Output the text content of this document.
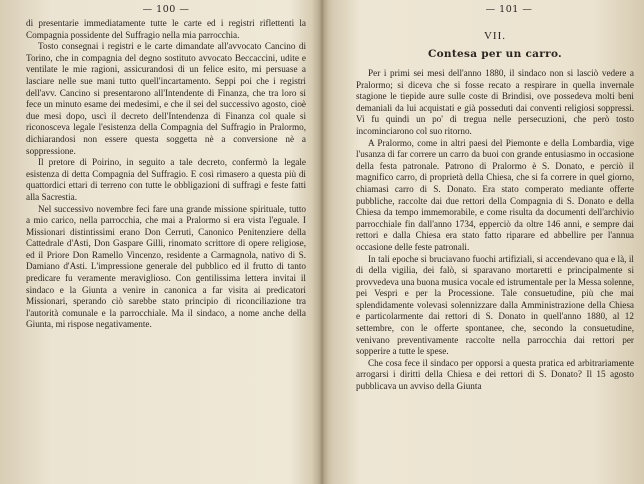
— 100 —

di presentarie immediatamente tutte le carte ed i registri riflettenti la Compagnia possidente del Suffragio nella mia parrocchia.

Tosto consegnai i registri e le carte dimandate all'avvocato Cancino di Torino, che in compagnia del degno sostituto avvocato Beccaccini, udite e ventilate le mie ragioni, assicurandosi di un felice esito, mi persuase a lasciare nelle sue mani tutto quell'incartamento. Seppi poi che i registri dell'avv. Cancino si presentarono all'Intendente di Finanza, che tra loro si fece un minuto esame dei medesimi, e che il sei del successivo agosto, cioè due mesi dopo, uscì il decreto dell'Intendenza di Finanza col quale si riconosceva legale l'esistenza della Compagnia del Suffragio in Pralormo, dichiarandosi non essere questa soggetta nè a conversione nè a soppressione.

Il pretore di Poirino, in seguito a tale decreto, confermò la legale esistenza di detta Compagnia del Suffragio. E così rimasero a questa più di quattordici ettari di terreno con tutte le obbligazioni di suffragi e feste fatti alla Sacrestia.

Nel successivo novembre feci fare una grande missione spirituale, tutto a mio carico, nella parrocchia, che mai a Pralormo si era vista l'eguale. I Missionari distintissimi erano Don Cerruti, Canonico Penitenziere della Cattedrale d'Asti, Don Gaspare Gilli, rinomato scrittore di opere religiose, ed il Priore Don Ramello Vincenzo, residente a Carmagnola, nativo di S. Damiano d'Asti. L'impressione generale del pubblico ed il frutto di tanto predicare fu veramente meraviglioso. Con gentilissima lettera invitai il sindaco e la Giunta a venire in canonica a far visita ai predicatori Missionari, sperando ciò sarebbe stato principio di riconciliazione tra l'autorità comunale e la parrocchiale. Ma il sindaco, a nome anche della Giunta, mi rispose negativamente.

— 101 —
VII.
Contesa per un carro.

Per i primi sei mesi dell'anno 1880, il sindaco non si lasciò vedere a Pralormo; si diceva che si fosse recato a respirare in quella invernale stagione le tiepide aure sulle coste di Brindisi, ove possedeva molti beni demaniali da lui acquistati e già posseduti dai conventi religiosi soppressi. Vi fu quindi un po' di tregua nelle persecuzioni, che però tosto incominciarono col suo ritorno.

A Pralormo, come in altri paesi del Piemonte e della Lombardia, vige l'usanza di far correre un carro da buoi con grande entusiasmo in occasione della festa patronale. Patrono di Pralormo è S. Donato, e perciò il magnifico carro, di proprietà della Chiesa, che si fa correre in quel giorno, chiamasi carro di S. Donato. Era stato comperato mediante offerte pubbliche, raccolte dai due rettori della Compagnia di S. Donato e della Chiesa da tempo immemorabile, e come risulta da documenti dell'archivio parrocchiale fin dall'anno 1734, epperciò da oltre 146 anni, e sempre dai rettori e dalla Chiesa era stato fatto riparare ed abbellire per l'annua occasione delle feste patronali.

In tali epoche si bruciavano fuochi artifiziali, si accendevano qua e là, il di della vigilia, dei falò, si sparavano mortaretti e principalmente si provvedeva una buona musica vocale ed istrumentale per la Messa solenne, pei Vespri e per la Processione. Tale consuetudine, più che mai splendidamente volevasi solennizzare dalla Amministrazione della Chiesa e particolarmente dai rettori di S. Donato in quell'anno 1880, al 12 settembre, con le offerte spontanee, che, secondo la consuetudine, venivano preventivamente raccolte nella parrocchia dai rettori per sopperire a tutte le spese.

Che cosa fece il sindaco per opporsi a questa pratica ed arbitrariamente arrogarsi i diritti della Chiesa e dei rettori di S. Donato? Il 15 agosto pubblicava un avviso della Giunta
